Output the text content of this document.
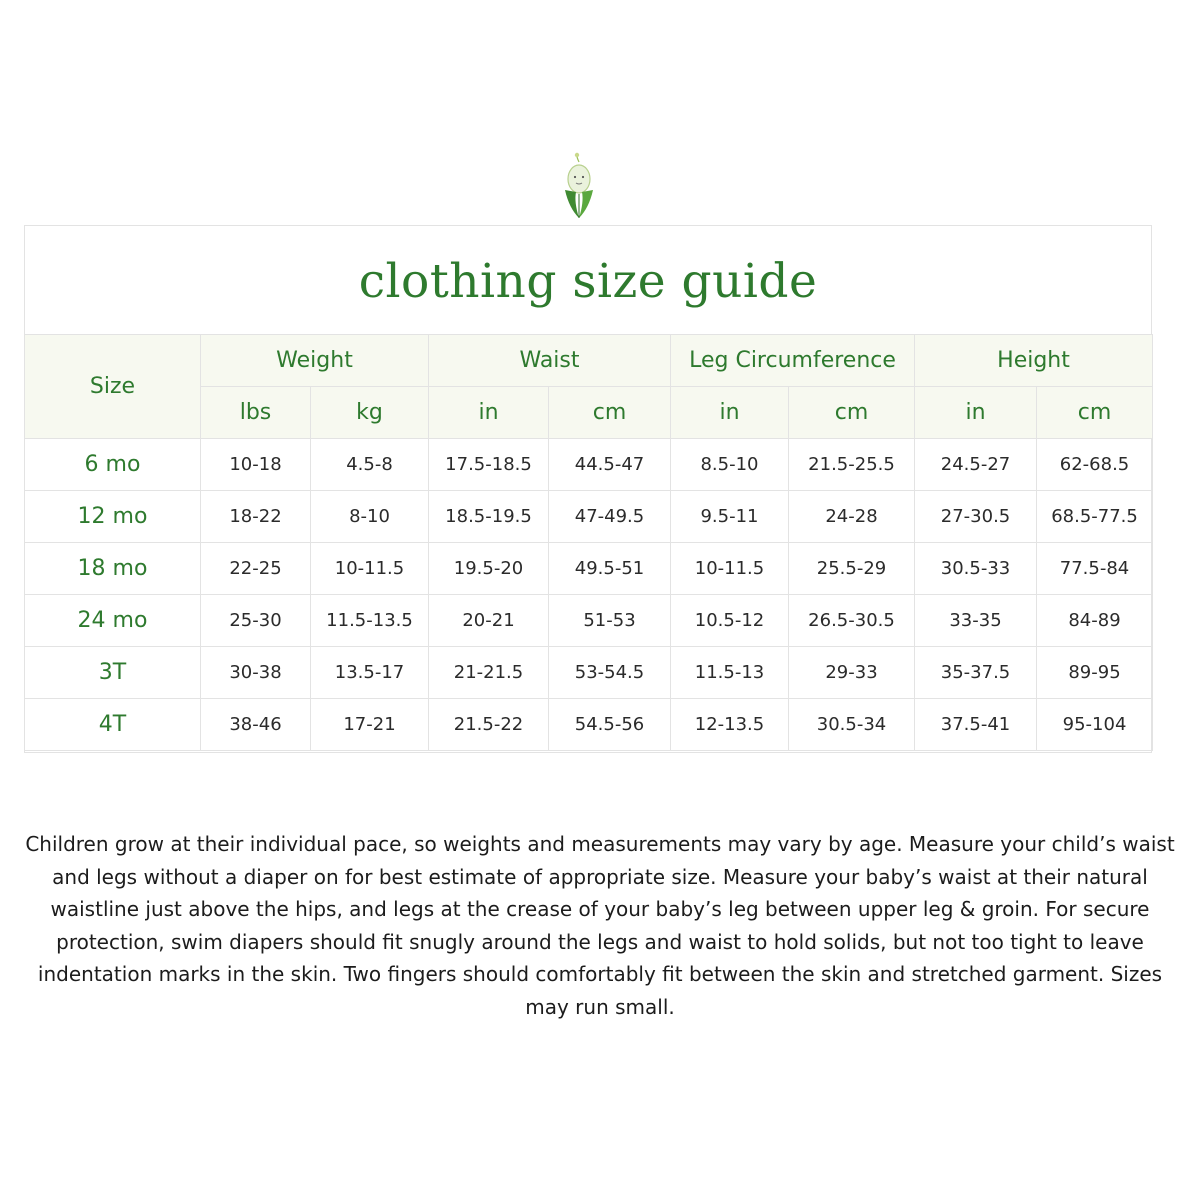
clothing size guide
Size	Weight		Waist		Leg Circumference		Height	
	lbs	kg	in	cm	in	cm	in	cm
6 mo	10-18	4.5-8	17.5-18.5	44.5-47	8.5-10	21.5-25.5	24.5-27	62-68.5
12 mo	18-22	8-10	18.5-19.5	47-49.5	9.5-11	24-28	27-30.5	68.5-77.5
18 mo	22-25	10-11.5	19.5-20	49.5-51	10-11.5	25.5-29	30.5-33	77.5-84
24 mo	25-30	11.5-13.5	20-21	51-53	10.5-12	26.5-30.5	33-35	84-89
3T	30-38	13.5-17	21-21.5	53-54.5	11.5-13	29-33	35-37.5	89-95
4T	38-46	17-21	21.5-22	54.5-56	12-13.5	30.5-34	37.5-41	95-104

Children grow at their individual pace, so weights and measurements may vary by age. Measure your child’s waist and legs without a diaper on for best estimate of appropriate size. Measure your baby’s waist at their natural waistline just above the hips, and legs at the crease of your baby’s leg between upper leg & groin. For secure protection, swim diapers should fit snugly around the legs and waist to hold solids, but not too tight to leave indentation marks in the skin. Two fingers should comfortably fit between the skin and stretched garment. Sizes may run small.
